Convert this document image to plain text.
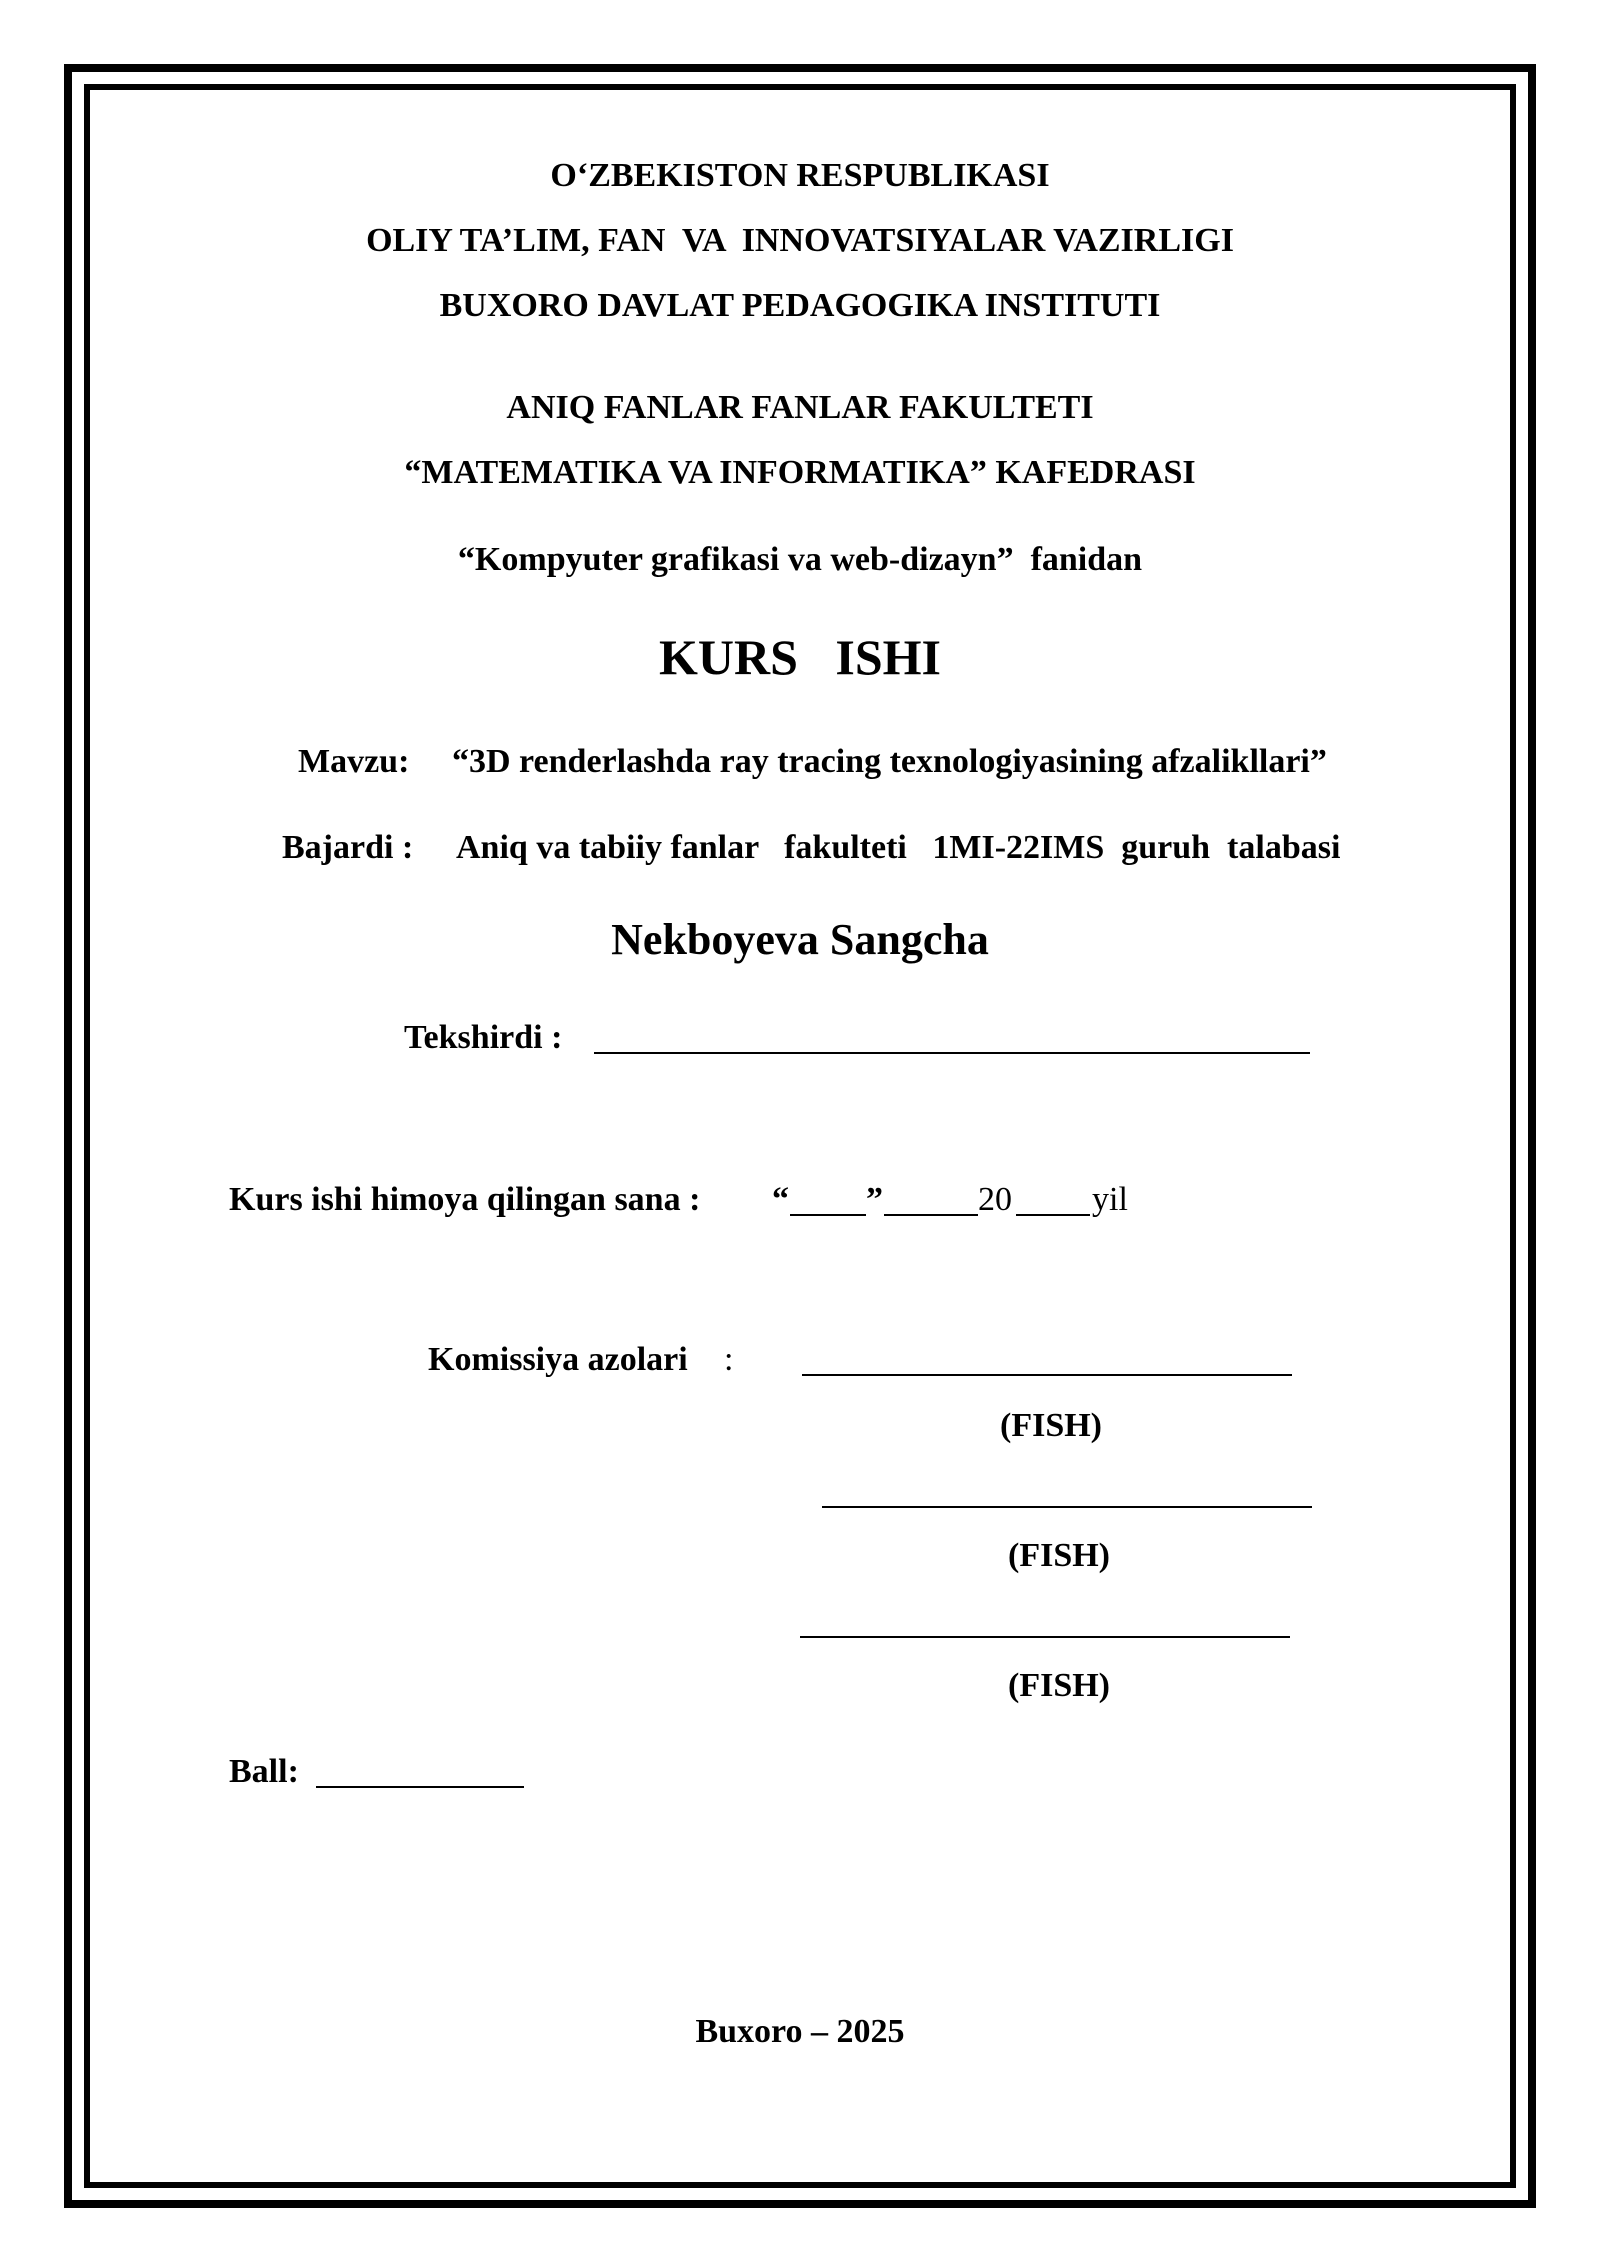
O‘ZBEKISTON RESPUBLIKASI
OLIY TA’LIM, FAN  VA  INNOVATSIYALAR VAZIRLIGI
BUXORO DAVLAT PEDAGOGIKA INSTITUTI
ANIQ FANLAR FANLAR FAKULTETI
“MATEMATIKA VA INFORMATIKA” KAFEDRASI
“Kompyuter grafikasi va web-dizayn”  fanidan
KURS   ISHI
Mavzu: “3D renderlashda ray tracing texnologiyasining afzalikllari”
Bajardi : Aniq va tabiiy fanlar   fakulteti   1MI-22IMS  guruh  talabasi
Nekboyeva Sangcha
Tekshirdi :
Kurs ishi himoya qilingan sana : “ ”	20 yil
Komissiya azolari :
(FISH)
(FISH)
(FISH)
Ball:
Buxoro – 2025
